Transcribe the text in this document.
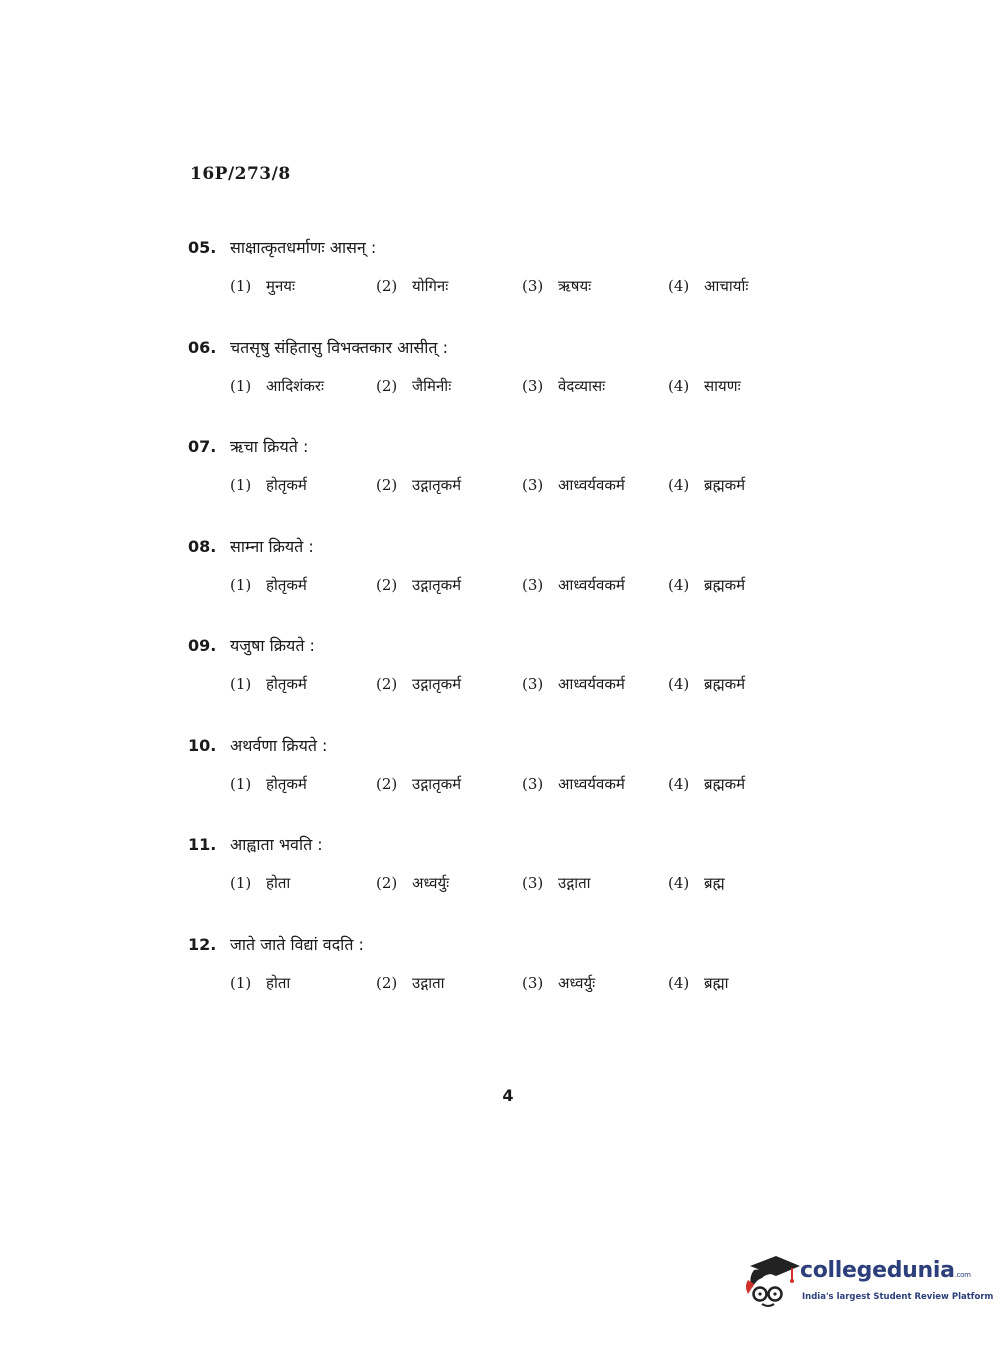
16P/273/8
05. साक्षात्कृतधर्माणः आसन् :
(1) मुनयः	(2) योगिनः	(3) ऋषयः	(4) आचार्याः
06. चतसृषु संहितासु विभक्तकार आसीत् :
(1) आदिशंकरः	(2) जैमिनीः	(3) वेदव्यासः	(4) सायणः
07. ऋचा क्रियते :
(1) होतृकर्म	(2) उद्गातृकर्म	(3) आध्वर्यवकर्म	(4) ब्रह्मकर्म
08. साम्ना क्रियते :
(1) होतृकर्म	(2) उद्गातृकर्म	(3) आध्वर्यवकर्म	(4) ब्रह्मकर्म
09. यजुषा क्रियते :
(1) होतृकर्म	(2) उद्गातृकर्म	(3) आध्वर्यवकर्म	(4) ब्रह्मकर्म
10. अथर्वणा क्रियते :
(1) होतृकर्म	(2) उद्गातृकर्म	(3) आध्वर्यवकर्म	(4) ब्रह्मकर्म
11. आह्वाता भवति :
(1) होता	(2) अध्वर्युः	(3) उद्गाता	(4) ब्रह्म
12. जाते जाते विद्यां वदति :
(1) होता	(2) उद्गाता	(3) अध्वर्युः	(4) ब्रह्मा
4
collegedunia.com
India's largest Student Review Platform
